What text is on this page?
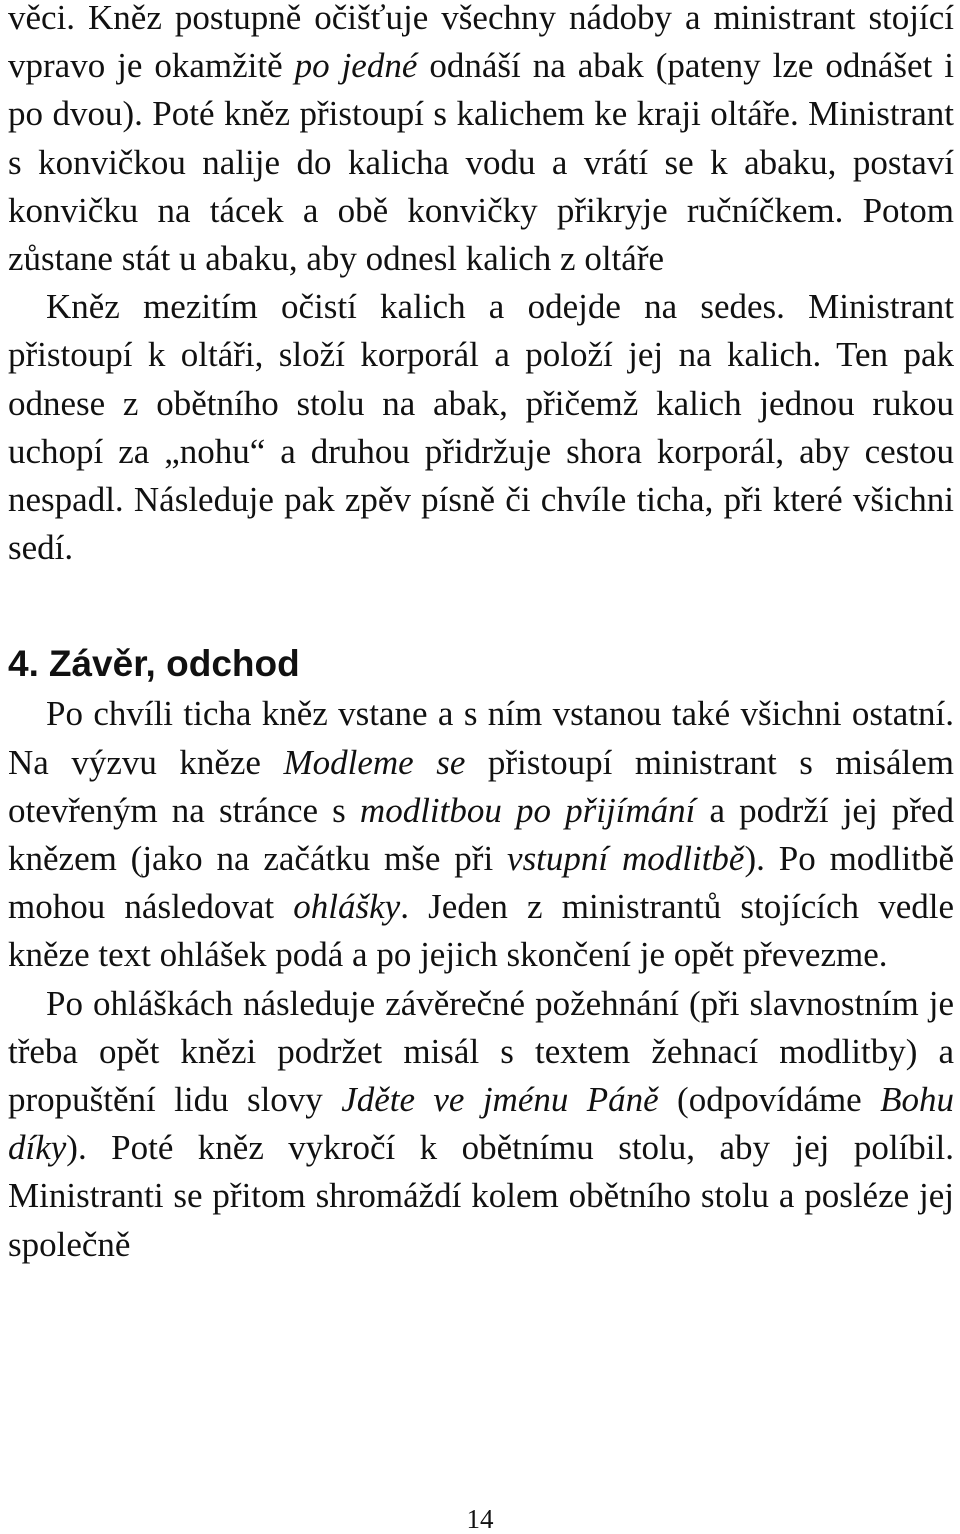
věci. Kněz postupně očišťuje všechny nádoby a ministrant stojící vpravo je okamžitě po jedné odnáší na abak (pateny lze odnášet i po dvou). Poté kněz přistoupí s kalichem ke kraji oltáře. Ministrant s konvičkou nalije do kalicha vodu a vrátí se k abaku, postaví konvičku na tácek a obě konvičky přikryje ručníčkem. Potom zůstane stát u abaku, aby odnesl kalich z oltáře

Kněz mezitím očistí kalich a odejde na sedes. Ministrant přistoupí k oltáři, složí korporál a položí jej na kalich. Ten pak odnese z obětního stolu na abak, přičemž kalich jednou rukou uchopí za „nohu“ a druhou přidržuje shora korporál, aby cestou nespadl. Následuje pak zpěv písně či chvíle ticha, při které všichni sedí.

4. Závěr, odchod

Po chvíli ticha kněz vstane a s ním vstanou také všichni ostatní. Na výzvu kněze Modleme se přistoupí ministrant s misálem otevřeným na stránce s modlitbou po přijímání a podrží jej před knězem (jako na začátku mše při vstupní modlitbě). Po modlitbě mohou následovat ohlášky. Jeden z ministrantů stojících vedle kněze text ohlášek podá a po jejich skončení je opět převezme.

Po ohláškách následuje závěrečné požehnání (při slavnostním je třeba opět knězi podržet misál s textem žehnací modlitby) a propuštění lidu slovy Jděte ve jménu Páně (odpovídáme Bohu díky). Poté kněz vykročí k obětnímu stolu, aby jej políbil. Ministranti se přitom shromáždí kolem obětního stolu a posléze jej společně

14
